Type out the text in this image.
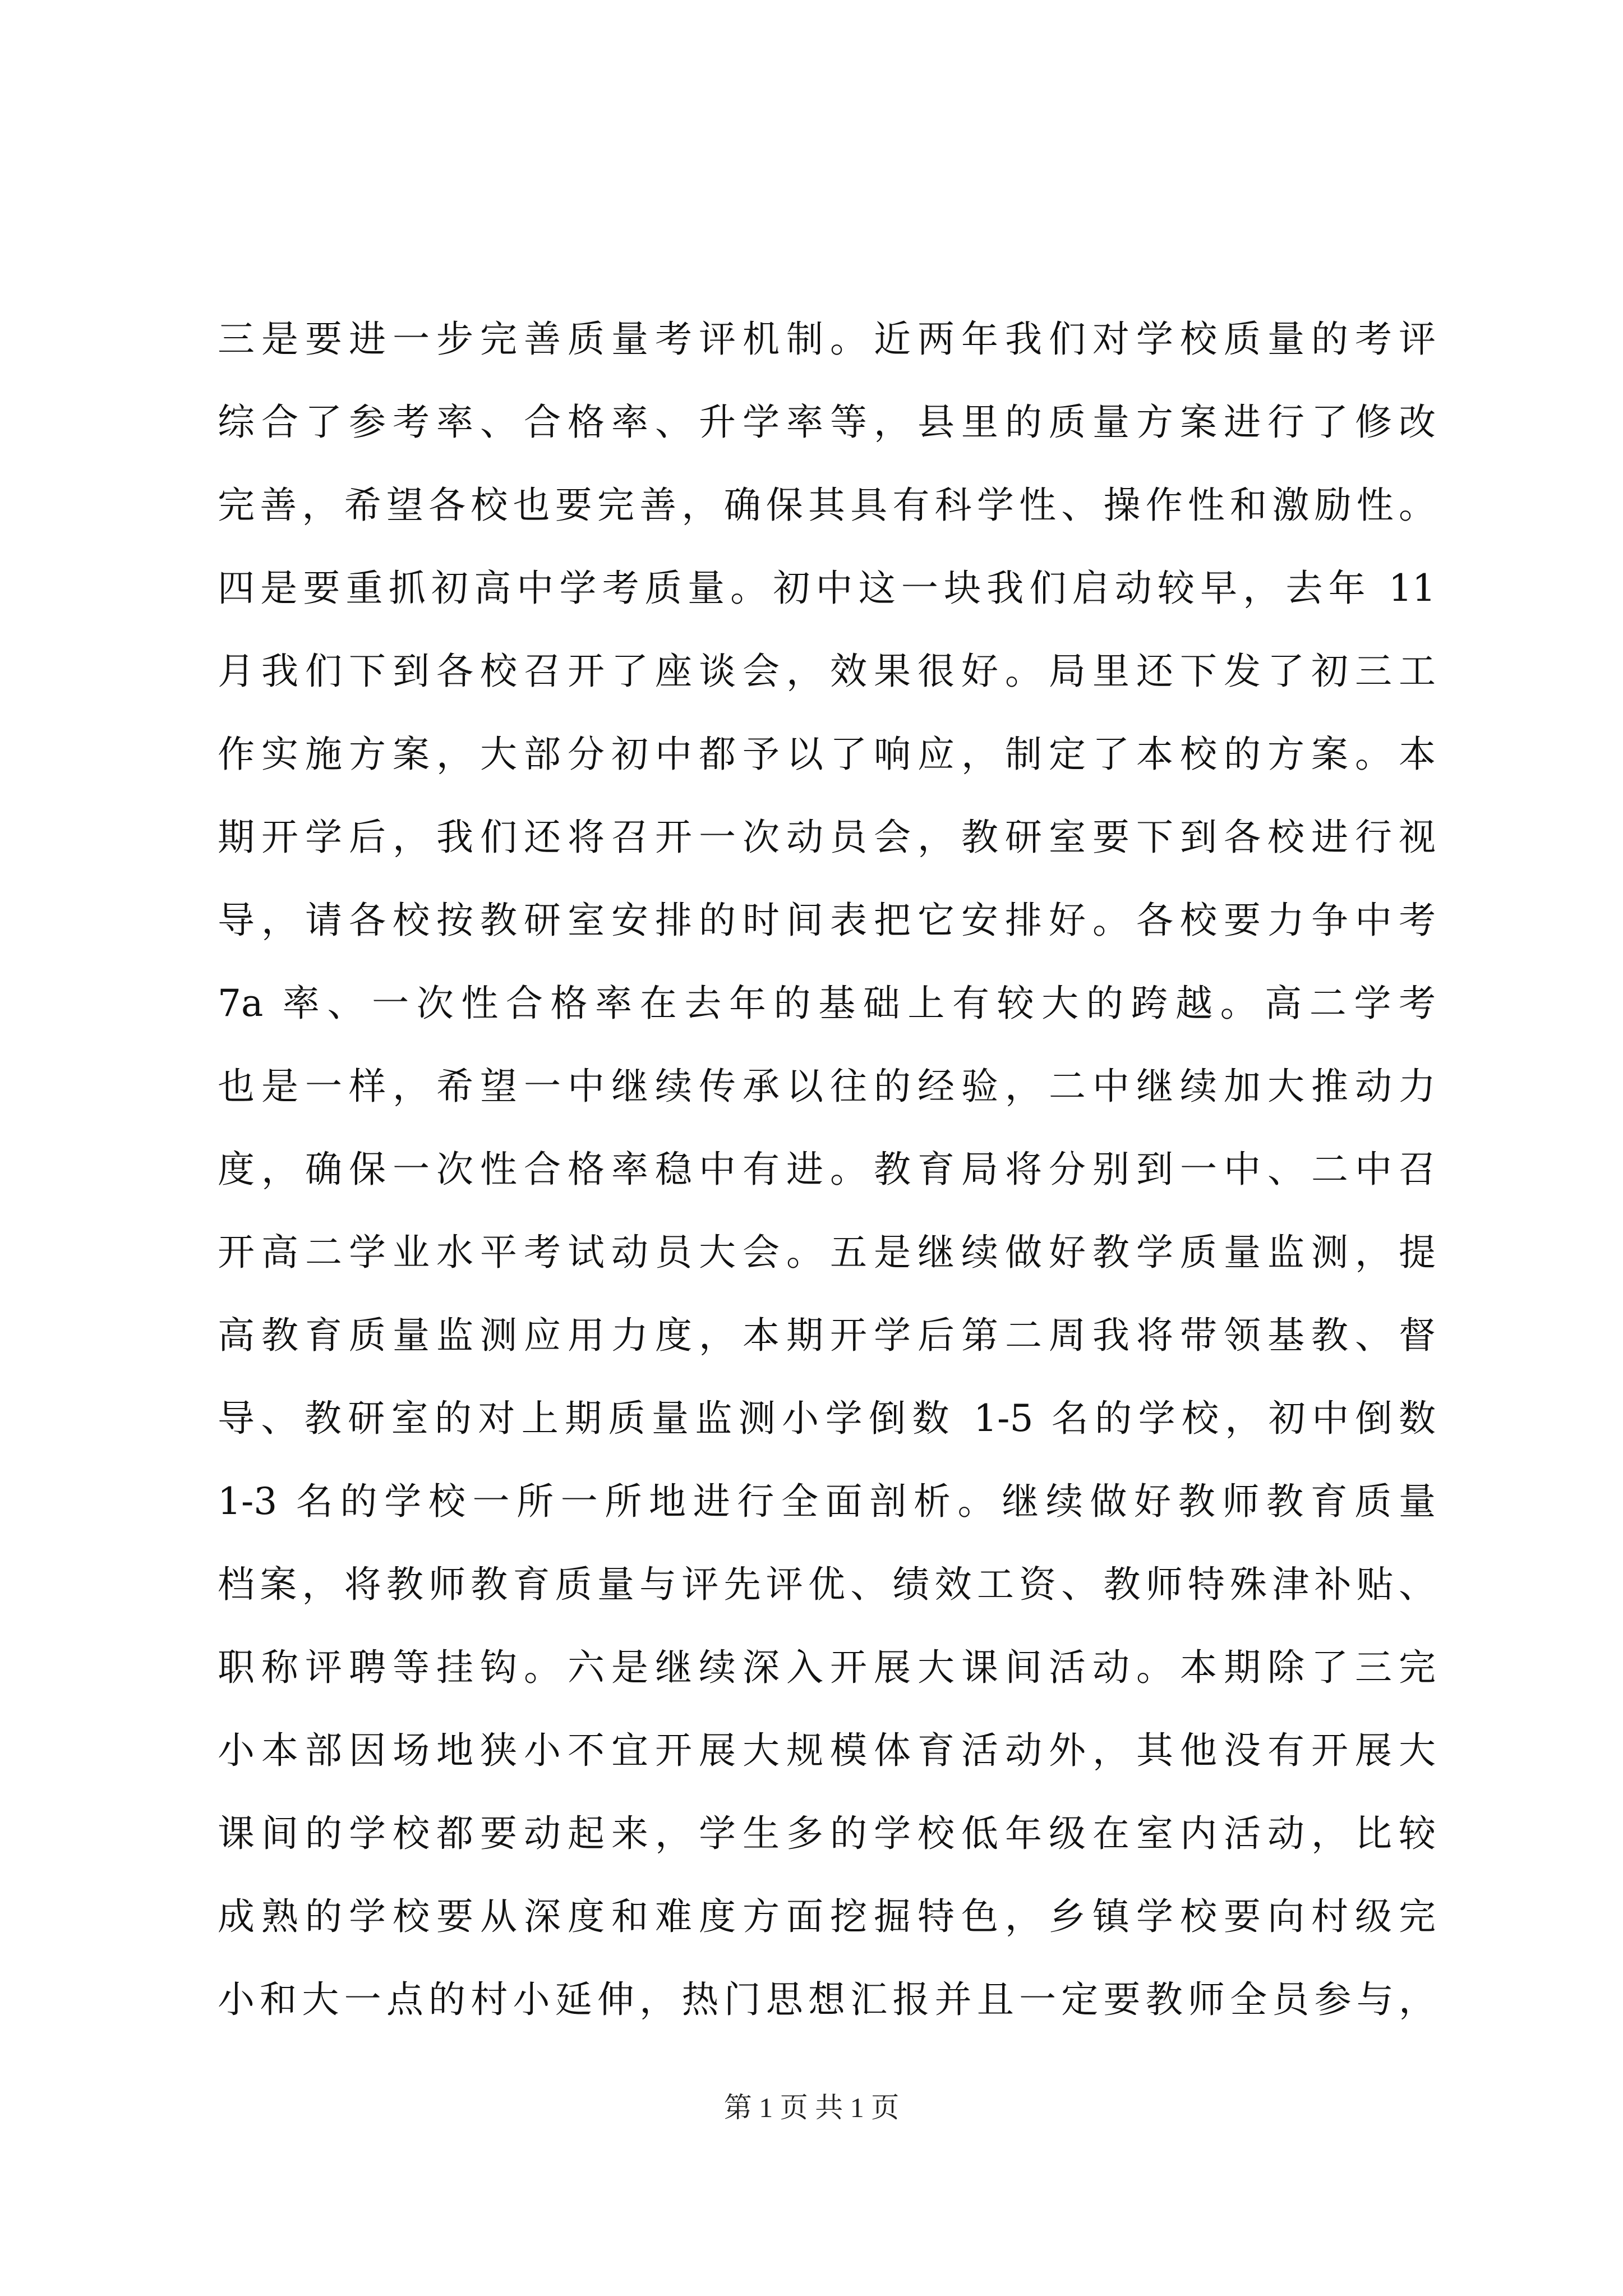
三是要进一步完善质量考评机制。近两年我们对学校质量的考评
综合了参考率、合格率、升学率等，县里的质量方案进行了修改
完善，希望各校也要完善，确保其具有科学性、操作性和激励性。
四是要重抓初高中学考质量。初中这一块我们启动较早，去年 11
月我们下到各校召开了座谈会，效果很好。局里还下发了初三工
作实施方案，大部分初中都予以了响应，制定了本校的方案。本
期开学后，我们还将召开一次动员会，教研室要下到各校进行视
导，请各校按教研室安排的时间表把它安排好。各校要力争中考
7a 率、一次性合格率在去年的基础上有较大的跨越。高二学考
也是一样，希望一中继续传承以往的经验，二中继续加大推动力
度，确保一次性合格率稳中有进。教育局将分别到一中、二中召
开高二学业水平考试动员大会。五是继续做好教学质量监测，提
高教育质量监测应用力度，本期开学后第二周我将带领基教、督
导、教研室的对上期质量监测小学倒数 1-5 名的学校，初中倒数
1-3 名的学校一所一所地进行全面剖析。继续做好教师教育质量
档案，将教师教育质量与评先评优、绩效工资、教师特殊津补贴、
职称评聘等挂钩。六是继续深入开展大课间活动。本期除了三完
小本部因场地狭小不宜开展大规模体育活动外，其他没有开展大
课间的学校都要动起来，学生多的学校低年级在室内活动，比较
成熟的学校要从深度和难度方面挖掘特色，乡镇学校要向村级完
小和大一点的村小延伸，热门思想汇报并且一定要教师全员参与，
第 1 页 共 1 页
